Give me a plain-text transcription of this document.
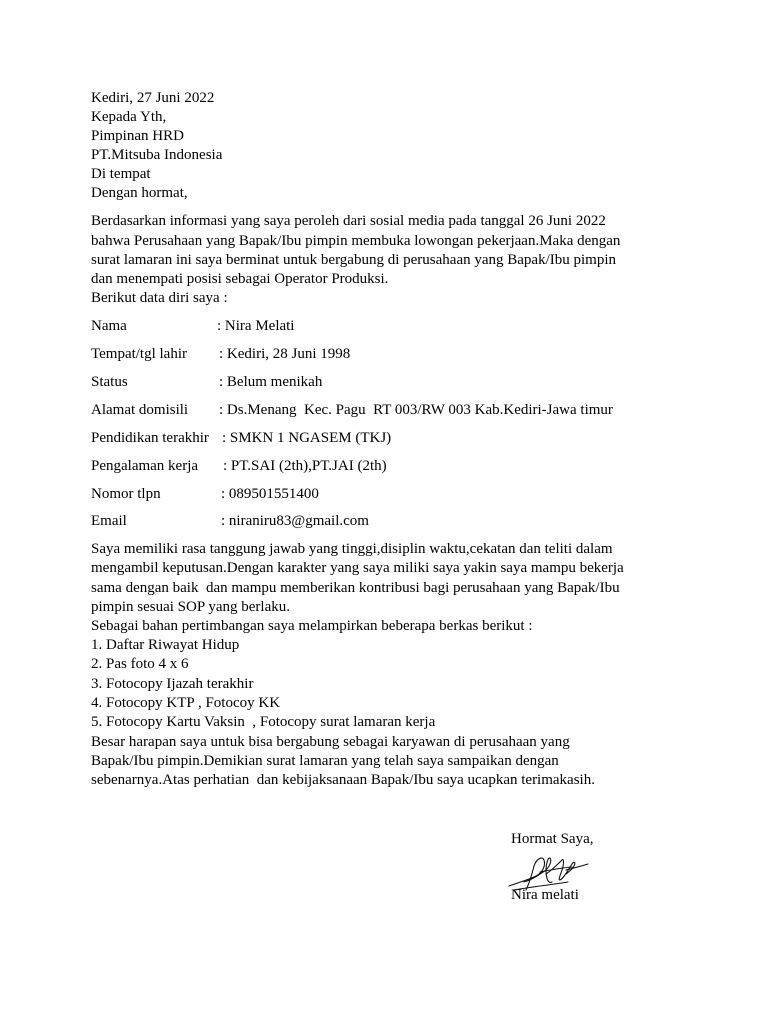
Kediri, 27 Juni 2022
Kepada Yth,
Pimpinan HRD
PT.Mitsuba Indonesia
Di tempat
Dengan hormat,
Berdasarkan informasi yang saya peroleh dari sosial media pada tanggal 26 Juni 2022
bahwa Perusahaan yang Bapak/Ibu pimpin membuka lowongan pekerjaan.Maka dengan
surat lamaran ini saya berminat untuk bergabung di perusahaan yang Bapak/Ibu pimpin
dan menempati posisi sebagai Operator Produksi.
Berikut data diri saya :

Nama

	: Nira Melati

Tempat/tgl lahir

: Kediri, 28 Juni 1998

Status

	: Belum menikah

Alamat domisili

: Ds.Menang  Kec. Pagu  RT 003/RW 003 Kab.Kediri-Jawa timur

Pendidikan terakhir

: SMKN 1 NGASEM (TKJ)

Pengalaman kerja

: PT.SAI (2th),PT.JAI (2th)

Nomor tlpn

	: 089501551400

Email

	: niraniru83@gmail.com

Saya memiliki rasa tanggung jawab yang tinggi,disiplin waktu,cekatan dan teliti dalam
mengambil keputusan.Dengan karakter yang saya miliki saya yakin saya mampu bekerja
sama dengan baik  dan mampu memberikan kontribusi bagi perusahaan yang Bapak/Ibu
pimpin sesuai SOP yang berlaku.
Sebagai bahan pertimbangan saya melampirkan beberapa berkas berikut :
1. Daftar Riwayat Hidup
2. Pas foto 4 x 6
3. Fotocopy Ijazah terakhir
4. Fotocopy KTP , Fotocoy KK
5. Fotocopy Kartu Vaksin  , Fotocopy surat lamaran kerja
Besar harapan saya untuk bisa bergabung sebagai karyawan di perusahaan yang
Bapak/Ibu pimpin.Demikian surat lamaran yang telah saya sampaikan dengan
sebenarnya.Atas perhatian  dan kebijaksanaan Bapak/Ibu saya ucapkan terimakasih.
Hormat Saya,
Nira melati
